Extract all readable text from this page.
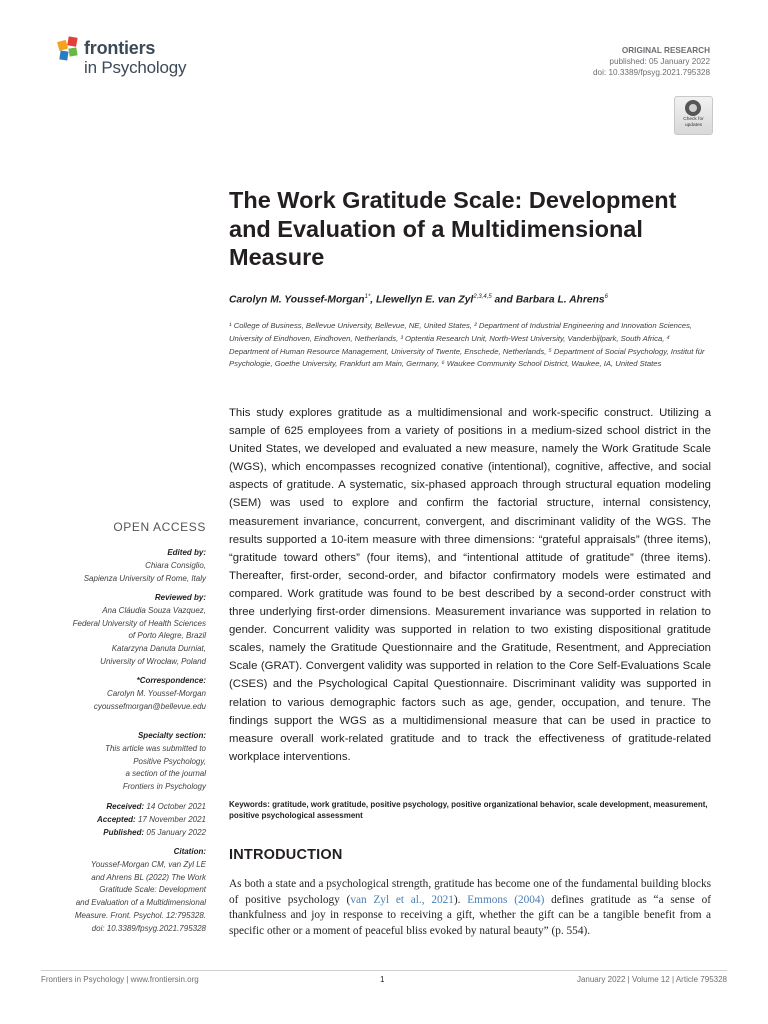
frontiers
in Psychology
ORIGINAL RESEARCH
published: 05 January 2022
doi: 10.3389/fpsyg.2021.795328
Check for
updates
The Work Gratitude Scale: Development and Evaluation of a Multidimensional Measure
Carolyn M. Youssef-Morgan$^{1*}$, Llewellyn E. van Zyl$^{2,3,4,5}$ and Barbara L. Ahrens$^6$
¹ College of Business, Bellevue University, Bellevue, NE, United States, ² Department of Industrial Engineering and Innovation Sciences, University of Eindhoven, Eindhoven, Netherlands, ³ Optentia Research Unit, North-West University, Vanderbijlpark, South Africa, ⁴ Department of Human Resource Management, University of Twente, Enschede, Netherlands, ⁵ Department of Social Psychology, Institut für Psychologie, Goethe University, Frankfurt am Main, Germany, ⁶ Waukee Community School District, Waukee, IA, United States
This study explores gratitude as a multidimensional and work-specific construct. Utilizing a sample of 625 employees from a variety of positions in a medium-sized school district in the United States, we developed and evaluated a new measure, namely the Work Gratitude Scale (WGS), which encompasses recognized conative (intentional), cognitive, affective, and social aspects of gratitude. A systematic, six-phased approach through structural equation modeling (SEM) was used to explore and confirm the factorial structure, internal consistency, measurement invariance, concurrent, convergent, and discriminant validity of the WGS. The results supported a 10-item measure with three dimensions: “grateful appraisals” (three items), “gratitude toward others” (four items), and “intentional attitude of gratitude” (three items). Thereafter, first-order, second-order, and bifactor confirmatory models were estimated and compared. Work gratitude was found to be best described by a second-order construct with three underlying first-order dimensions. Measurement invariance was supported in relation to gender. Concurrent validity was supported in relation to two existing dispositional gratitude scales, namely the Gratitude Questionnaire and the Gratitude, Resentment, and Appreciation Scale (GRAT). Convergent validity was supported in relation to the Core Self-Evaluations Scale (CSES) and the Psychological Capital Questionnaire. Discriminant validity was supported in relation to various demographic factors such as age, gender, occupation, and tenure. The findings support the WGS as a multidimensional measure that can be used in practice to measure overall work-related gratitude and to track the effectiveness of gratitude-related workplace interventions.
Keywords: gratitude, work gratitude, positive psychology, positive organizational behavior, scale development, measurement, positive psychological assessment
INTRODUCTION
As both a state and a psychological strength, gratitude has become one of the fundamental building blocks of positive psychology (van Zyl et al., 2021). Emmons (2004) defines gratitude as “a sense of thankfulness and joy in response to receiving a gift, whether the gift can be a tangible benefit from a specific other or a moment of peaceful bliss evoked by natural beauty” (p. 554).
OPEN ACCESS
Edited by:
Chiara Consiglio,
Sapienza University of Rome, Italy
Reviewed by:
Ana Cláudia Souza Vazquez,
Federal University of Health Sciences
of Porto Alegre, Brazil
Katarzyna Danuta Durniat,
University of Wrocław, Poland
*Correspondence:
Carolyn M. Youssef-Morgan
cyoussefmorgan@bellevue.edu
Specialty section:
This article was submitted to
Positive Psychology,
a section of the journal
Frontiers in Psychology
Received: 14 October 2021
Accepted: 17 November 2021
Published: 05 January 2022
Citation:
Youssef-Morgan CM, van Zyl LE
and Ahrens BL (2022) The Work
Gratitude Scale: Development
and Evaluation of a Multidimensional
Measure. Front. Psychol. 12:795328.
doi: 10.3389/fpsyg.2021.795328
Frontiers in Psychology | www.frontiersin.org	1	January 2022 | Volume 12 | Article 795328
